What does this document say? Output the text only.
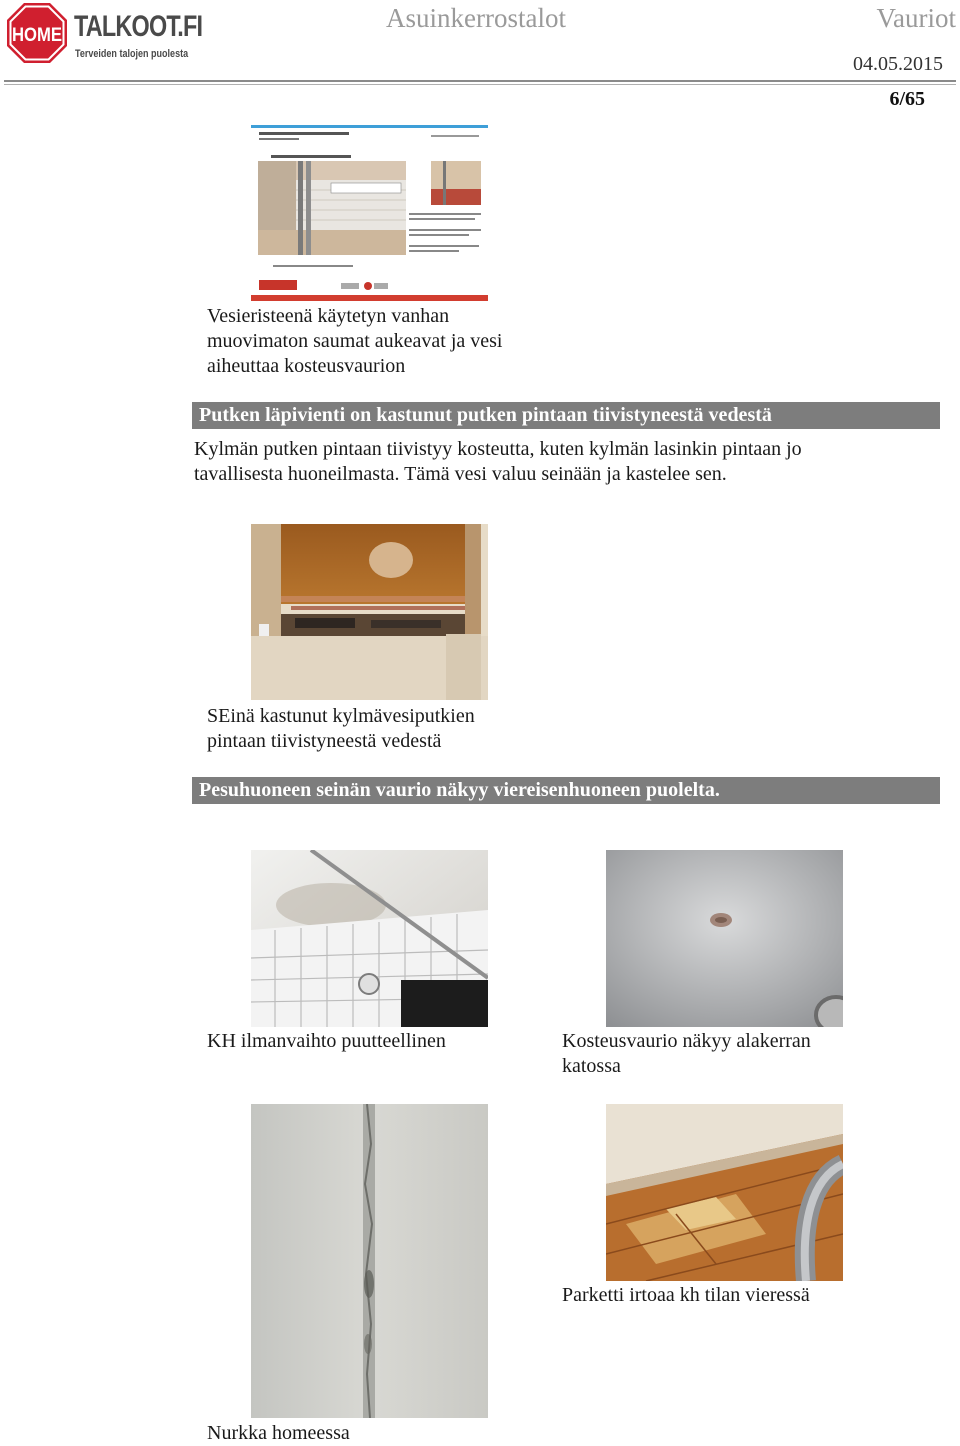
HOME TALKOOT.FI
Terveiden talojen puolesta
Asuinkerrostalot	Vauriot
04.05.2015
6/65
Vesieristeenä käytetyn vanhan
muovimaton saumat aukeavat ja vesi
aiheuttaa kosteusvaurion
Putken läpivienti on kastunut putken pintaan tiivistyneestä vedestä
Kylmän putken pintaan tiivistyy kosteutta, kuten kylmän lasinkin pintaan jo
tavallisesta huoneilmasta. Tämä vesi valuu seinään ja kastelee sen.
SEinä kastunut kylmävesiputkien
pintaan tiivistyneestä vedestä
Pesuhuoneen seinän vaurio näkyy viereisenhuoneen puolelta.
KH ilmanvaihto puutteellinen	Kosteusvaurio näkyy alakerran
katossa
Nurkka homeessa
Parketti irtoaa kh tilan vieressä
